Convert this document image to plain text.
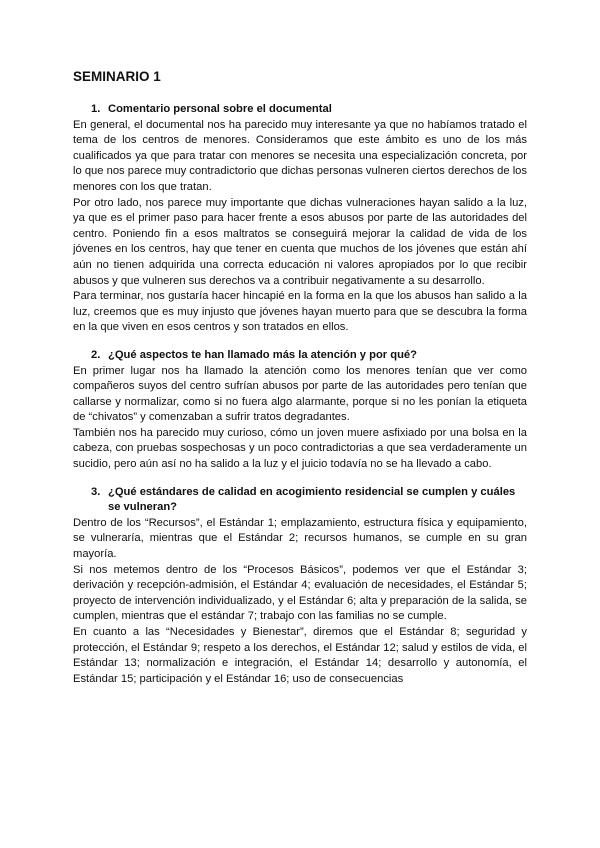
SEMINARIO 1
1. Comentario personal sobre el documental

En general, el documental nos ha parecido muy interesante ya que no habíamos tratado el tema de los centros de menores. Consideramos que este ámbito es uno de los más cualificados ya que para tratar con menores se necesita una especialización concreta, por lo que nos parece muy contradictorio que dichas personas vulneren ciertos derechos de los menores con los que tratan.

Por otro lado, nos parece muy importante que dichas vulneraciones hayan salido a la luz, ya que es el primer paso para hacer frente a esos abusos por parte de las autoridades del centro. Poniendo fin a esos maltratos se conseguirá mejorar la calidad de vida de los jóvenes en los centros, hay que tener en cuenta que muchos de los jóvenes que están ahí aún no tienen adquirida una correcta educación ni valores apropiados por lo que recibir abusos y que vulneren sus derechos va a contribuir negativamente a su desarrollo.

Para terminar, nos gustaría hacer hincapié en la forma en la que los abusos han salido a la luz, creemos que es muy injusto que jóvenes hayan muerto para que se descubra la forma en la que viven en esos centros y son tratados en ellos.

2. ¿Qué aspectos te han llamado más la atención y por qué?

En primer lugar nos ha llamado la atención como los menores tenían que ver como compañeros suyos del centro sufrían abusos por parte de las autoridades pero tenían que callarse y normalizar, como si no fuera algo alarmante, porque si no les ponían la etiqueta de “chivatos” y comenzaban a sufrir tratos degradantes.

También nos ha parecido muy curioso, cómo un joven muere asfixiado por una bolsa en la cabeza, con pruebas sospechosas y un poco contradictorias a que sea verdaderamente un sucidio, pero aún así no ha salido a la luz y el juicio todavía no se ha llevado a cabo.

3. ¿Qué estándares de calidad en acogimiento residencial se cumplen y cuáles se vulneran?

Dentro de los “Recursos”, el Estándar 1; emplazamiento, estructura física y equipamiento, se vulneraría, mientras que el Estándar 2; recursos humanos, se cumple en su gran mayoría.

Si nos metemos dentro de los “Procesos Básicos”, podemos ver que el Estándar 3; derivación y recepción-admisión, el Estándar 4; evaluación de necesidades, el Estándar 5; proyecto de intervención individualizado, y el Estándar 6; alta y preparación de la salida, se cumplen, mientras que el estándar 7; trabajo con las familias no se cumple.

En cuanto a las “Necesidades y Bienestar”, diremos que el Estándar 8; seguridad y protección, el Estándar 9; respeto a los derechos, el Estándar 12; salud y estilos de vida, el Estándar 13; normalización e integración, el Estándar 14; desarrollo y autonomía, el Estándar 15; participación y el Estándar 16; uso de consecuencias
